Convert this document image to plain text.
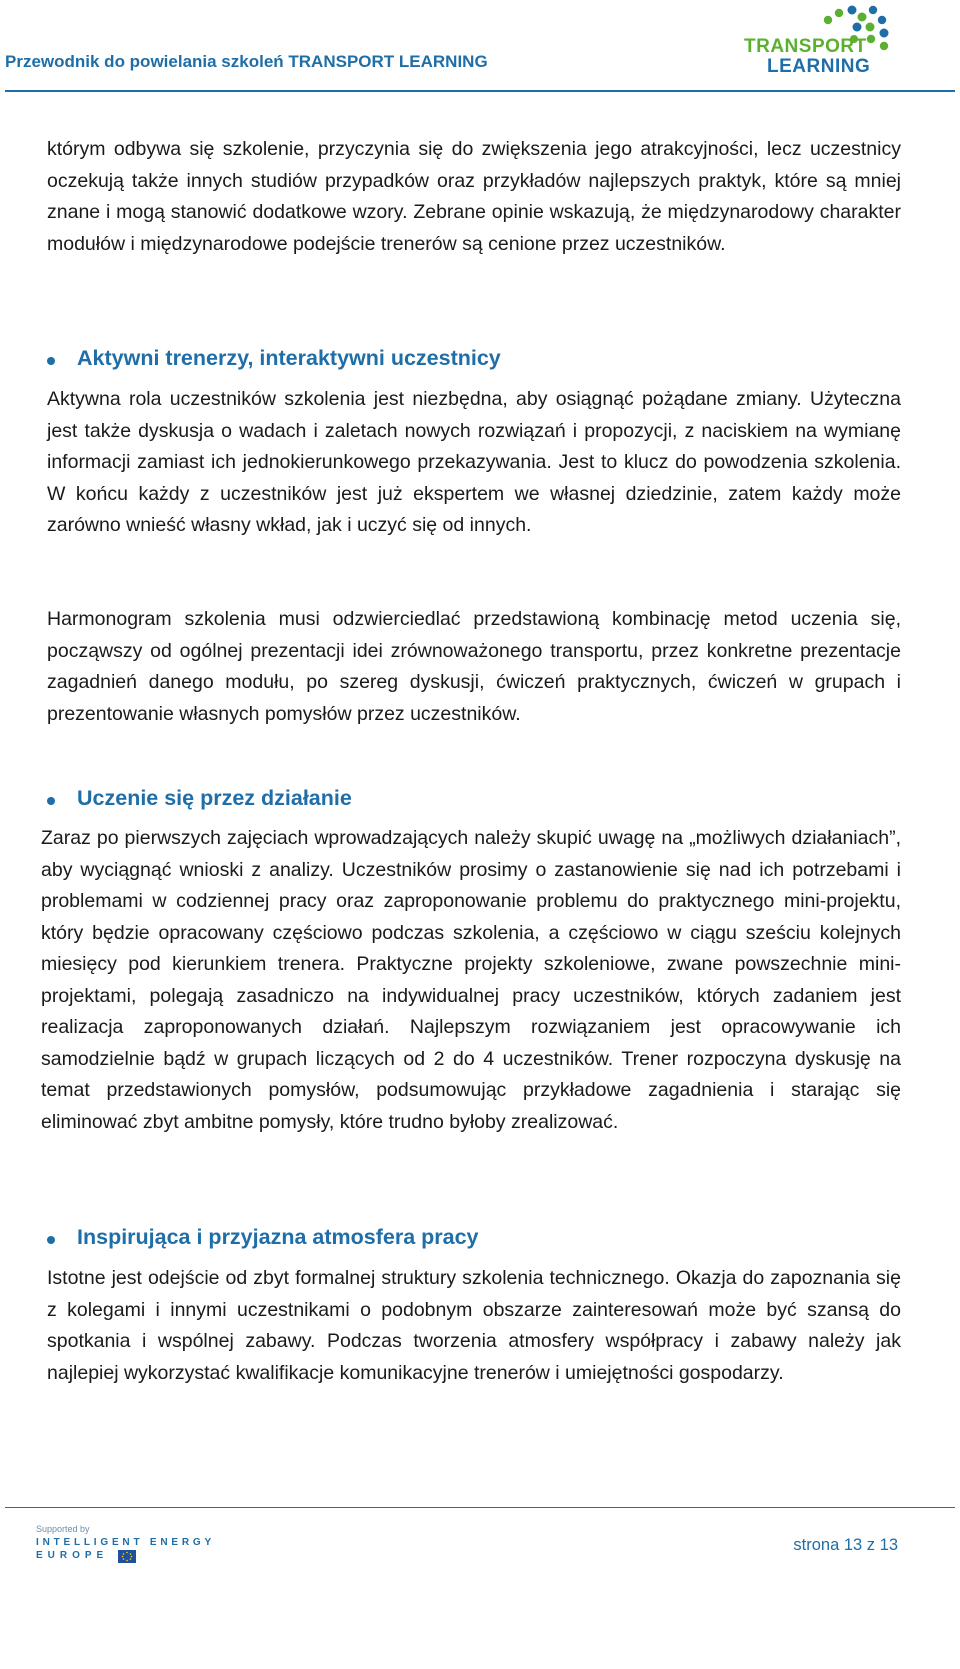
Przewodnik do powielania szkoleń TRANSPORT LEARNING
TRANSPORT
LEARNING
którym odbywa się szkolenie, przyczynia się do zwiększenia jego atrakcyjności, lecz uczestnicy oczekują także innych studiów przypadków oraz przykładów najlepszych praktyk, które są mniej znane i mogą stanowić dodatkowe wzory. Zebrane opinie wskazują, że międzynarodowy charakter modułów i międzynarodowe podejście trenerów są cenione przez uczestników.
Aktywni trenerzy, interaktywni uczestnicy
Aktywna rola uczestników szkolenia jest niezbędna, aby osiągnąć pożądane zmiany. Użyteczna jest także dyskusja o wadach i zaletach nowych rozwiązań i propozycji, z naciskiem na wymianę informacji zamiast ich jednokierunkowego przekazywania. Jest to klucz do powodzenia szkolenia. W końcu każdy z uczestników jest już ekspertem we własnej dziedzinie, zatem każdy może zarówno wnieść własny wkład, jak i uczyć się od innych.
Harmonogram szkolenia musi odzwierciedlać przedstawioną kombinację metod uczenia się, począwszy od ogólnej prezentacji idei zrównoważonego transportu, przez konkretne prezentacje zagadnień danego modułu, po szereg dyskusji, ćwiczeń praktycznych, ćwiczeń w grupach i prezentowanie własnych pomysłów przez uczestników.
Uczenie się przez działanie
Zaraz po pierwszych zajęciach wprowadzających należy skupić uwagę na „możliwych działaniach”, aby wyciągnąć wnioski z analizy. Uczestników prosimy o zastanowienie się nad ich potrzebami i problemami w codziennej pracy oraz zaproponowanie problemu do praktycznego mini-projektu, który będzie opracowany częściowo podczas szkolenia, a częściowo w ciągu sześciu kolejnych miesięcy pod kierunkiem trenera. Praktyczne projekty szkoleniowe, zwane powszechnie mini-projektami, polegają zasadniczo na indywidualnej pracy uczestników, których zadaniem jest realizacja zaproponowanych działań. Najlepszym rozwiązaniem jest opracowywanie ich samodzielnie bądź w grupach liczących od 2 do 4 uczestników. Trener rozpoczyna dyskusję na temat przedstawionych pomysłów, podsumowując przykładowe zagadnienia i starając się eliminować zbyt ambitne pomysły, które trudno byłoby zrealizować.
Inspirująca i przyjazna atmosfera pracy
Istotne jest odejście od zbyt formalnej struktury szkolenia technicznego. Okazja do zapoznania się z kolegami i innymi uczestnikami o podobnym obszarze zainteresowań może być szansą do spotkania i wspólnej zabawy. Podczas tworzenia atmosfery współpracy i zabawy należy jak najlepiej wykorzystać kwalifikacje komunikacyjne trenerów i umiejętności gospodarzy.
Supported by
INTELLIGENT ENERGY
EUROPE
strona 13 z 13
